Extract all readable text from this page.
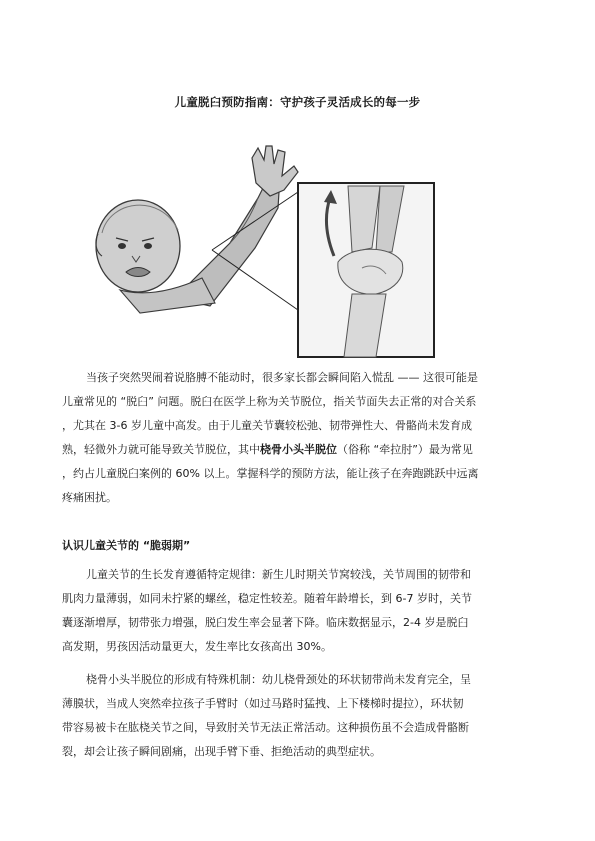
儿童脱臼预防指南：守护孩子灵活成长的每一步

当孩子突然哭闹着说胳膊不能动时，很多家长都会瞬间陷入慌乱 —— 这很可能是
儿童常见的 “脱臼” 问题。脱臼在医学上称为关节脱位，指关节面失去正常的对合关系
，尤其在 3-6 岁儿童中高发。由于儿童关节囊较松弛、韧带弹性大、骨骼尚未发育成
熟，轻微外力就可能导致关节脱位，其中桡骨小头半脱位（俗称 “牵拉肘”）最为常见
，约占儿童脱臼案例的 60% 以上。掌握科学的预防方法，能让孩子在奔跑跳跃中远离
疼痛困扰。

认识儿童关节的 “脆弱期”

儿童关节的生长发育遵循特定规律：新生儿时期关节窝较浅，关节周围的韧带和
肌肉力量薄弱，如同未拧紧的螺丝，稳定性较差。随着年龄增长，到 6-7 岁时，关节
囊逐渐增厚，韧带张力增强，脱臼发生率会显著下降。临床数据显示，2-4 岁是脱臼
高发期，男孩因活动量更大，发生率比女孩高出 30%。

桡骨小头半脱位的形成有特殊机制：幼儿桡骨颈处的环状韧带尚未发育完全，呈
薄膜状，当成人突然牵拉孩子手臂时（如过马路时猛拽、上下楼梯时提拉），环状韧
带容易被卡在肱桡关节之间，导致肘关节无法正常活动。这种损伤虽不会造成骨骼断
裂，却会让孩子瞬间剧痛，出现手臂下垂、拒绝活动的典型症状。
